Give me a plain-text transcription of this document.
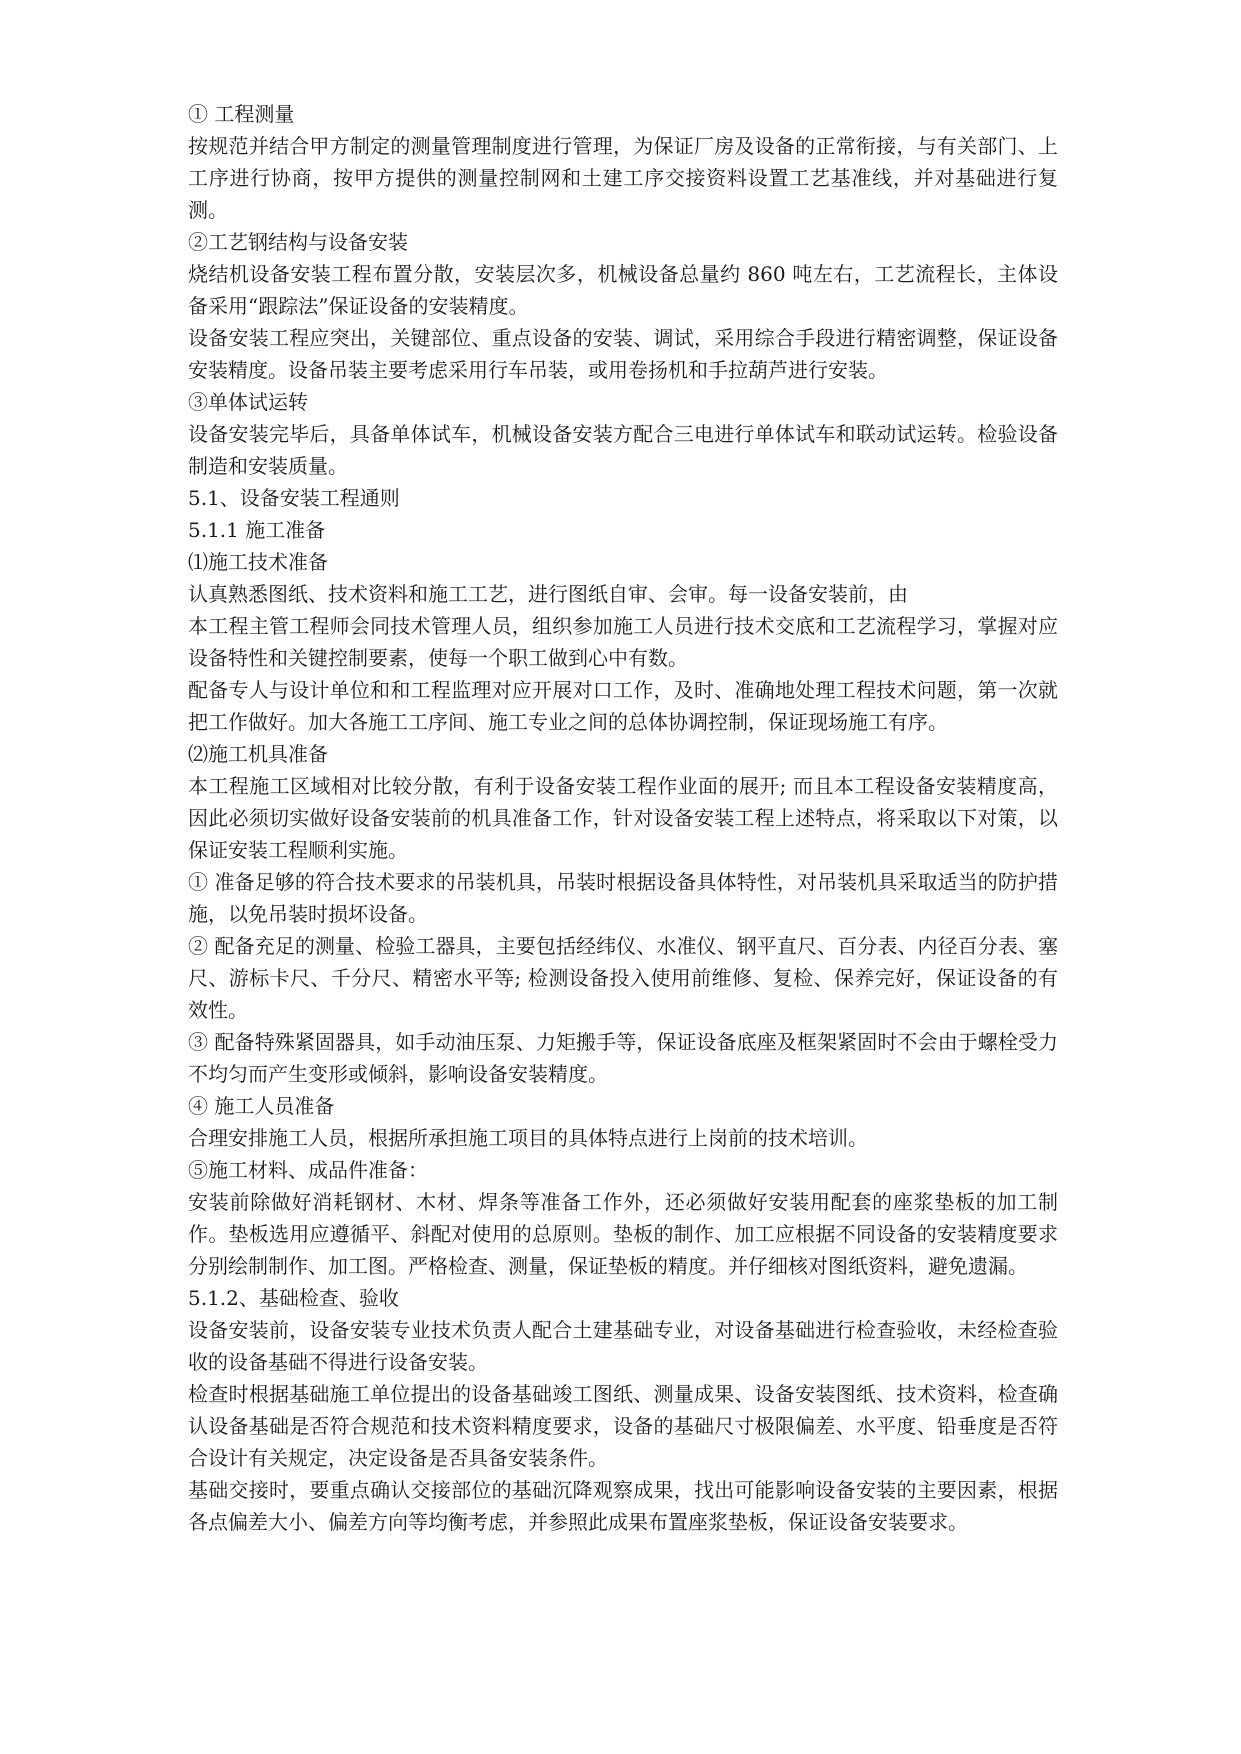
① 工程测量

按规范并结合甲方制定的测量管理制度进行管理，为保证厂房及设备的正常衔接，与有关部门、上工序进行协商，按甲方提供的测量控制网和土建工序交接资料设置工艺基准线，并对基础进行复测。

②工艺钢结构与设备安装

烧结机设备安装工程布置分散，安装层次多，机械设备总量约 860 吨左右，工艺流程长，主体设备采用“跟踪法”保证设备的安装精度。

设备安装工程应突出，关键部位、重点设备的安装、调试，采用综合手段进行精密调整，保证设备安装精度。设备吊装主要考虑采用行车吊装，或用卷扬机和手拉葫芦进行安装。

③单体试运转

设备安装完毕后，具备单体试车，机械设备安装方配合三电进行单体试车和联动试运转。检验设备制造和安装质量。

5.1、设备安装工程通则

5.1.1 施工准备

⑴施工技术准备

认真熟悉图纸、技术资料和施工工艺，进行图纸自审、会审。每一设备安装前，由

本工程主管工程师会同技术管理人员，组织参加施工人员进行技术交底和工艺流程学习，掌握对应设备特性和关键控制要素，使每一个职工做到心中有数。

配备专人与设计单位和和工程监理对应开展对口工作，及时、准确地处理工程技术问题，第一次就把工作做好。加大各施工工序间、施工专业之间的总体协调控制，保证现场施工有序。

⑵施工机具准备

本工程施工区域相对比较分散，有利于设备安装工程作业面的展开; 而且本工程设备安装精度高，因此必须切实做好设备安装前的机具准备工作，针对设备安装工程上述特点，将采取以下对策，以保证安装工程顺利实施。

① 准备足够的符合技术要求的吊装机具，吊装时根据设备具体特性，对吊装机具采取适当的防护措施，以免吊装时损坏设备。

② 配备充足的测量、检验工器具，主要包括经纬仪、水准仪、钢平直尺、百分表、内径百分表、塞尺、游标卡尺、千分尺、精密水平等; 检测设备投入使用前维修、复检、保养完好，保证设备的有效性。

③ 配备特殊紧固器具，如手动油压泵、力矩搬手等，保证设备底座及框架紧固时不会由于螺栓受力不均匀而产生变形或倾斜，影响设备安装精度。

④ 施工人员准备

合理安排施工人员，根据所承担施工项目的具体特点进行上岗前的技术培训。

⑤施工材料、成品件准备：

安装前除做好消耗钢材、木材、焊条等准备工作外，还必须做好安装用配套的座浆垫板的加工制作。垫板选用应遵循平、斜配对使用的总原则。垫板的制作、加工应根据不同设备的安装精度要求分别绘制制作、加工图。严格检查、测量，保证垫板的精度。并仔细核对图纸资料，避免遗漏。

5.1.2、基础检查、验收

设备安装前，设备安装专业技术负责人配合土建基础专业，对设备基础进行检查验收，未经检查验收的设备基础不得进行设备安装。

检查时根据基础施工单位提出的设备基础竣工图纸、测量成果、设备安装图纸、技术资料，检查确认设备基础是否符合规范和技术资料精度要求，设备的基础尺寸极限偏差、水平度、铅垂度是否符合设计有关规定，决定设备是否具备安装条件。

基础交接时，要重点确认交接部位的基础沉降观察成果，找出可能影响设备安装的主要因素，根据各点偏差大小、偏差方向等均衡考虑，并参照此成果布置座浆垫板，保证设备安装要求。
